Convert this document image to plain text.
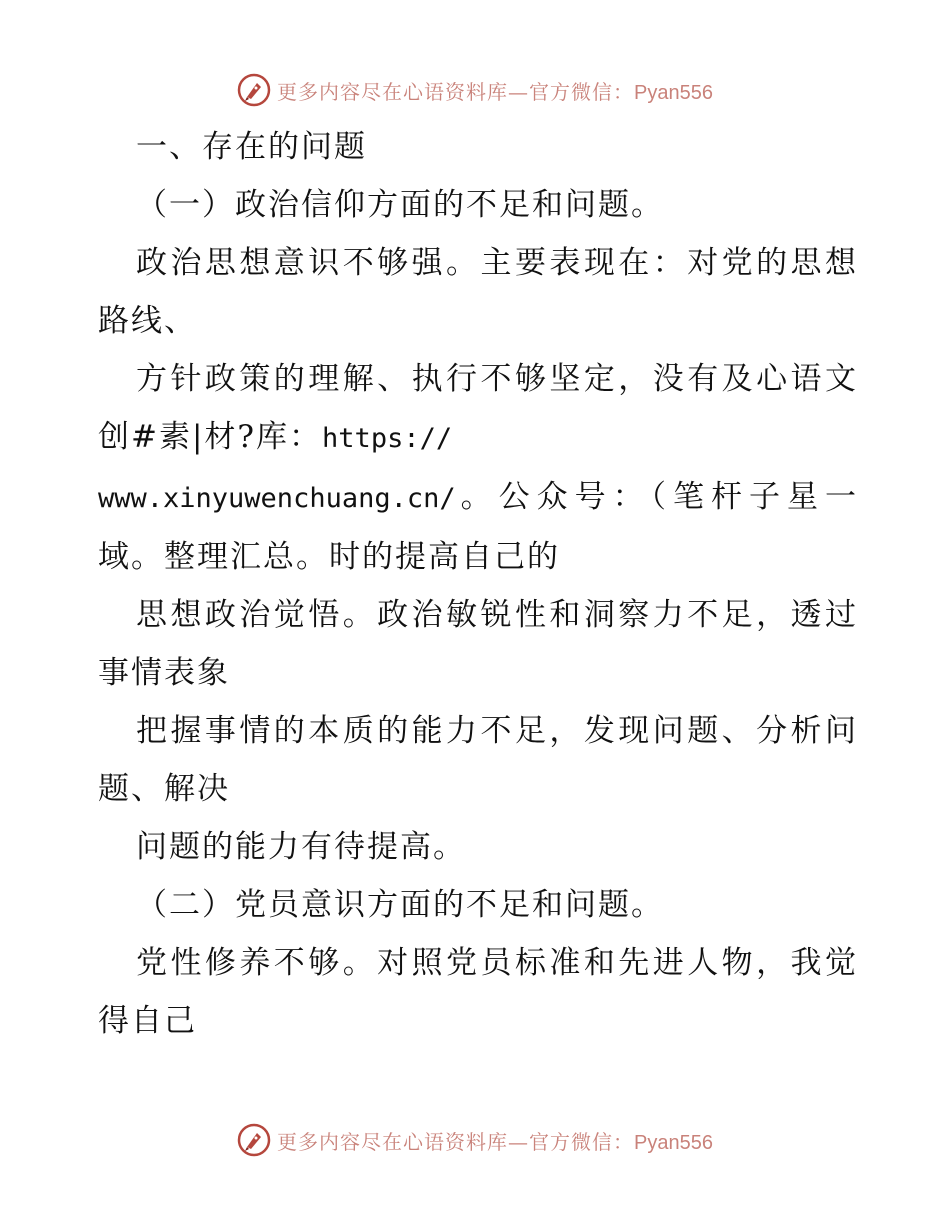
更多内容尽在心语资料库—官方微信：Pyan556

一、存在的问题

（一）政治信仰方面的不足和问题。

政治思想意识不够强。主要表现在：对党的思想路线、

方针政策的理解、执行不够坚定，没有及心语文创#素|材?库：https://

www.xinyuwenchuang.cn/。公众号：（笔杆子星一域。整理汇总。时的提高自己的

思想政治觉悟。政治敏锐性和洞察力不足，透过事情表象

把握事情的本质的能力不足，发现问题、分析问题、解决

问题的能力有待提高。

（二）党员意识方面的不足和问题。

党性修养不够。对照党员标准和先进人物，我觉得自己

更多内容尽在心语资料库—官方微信：Pyan556
